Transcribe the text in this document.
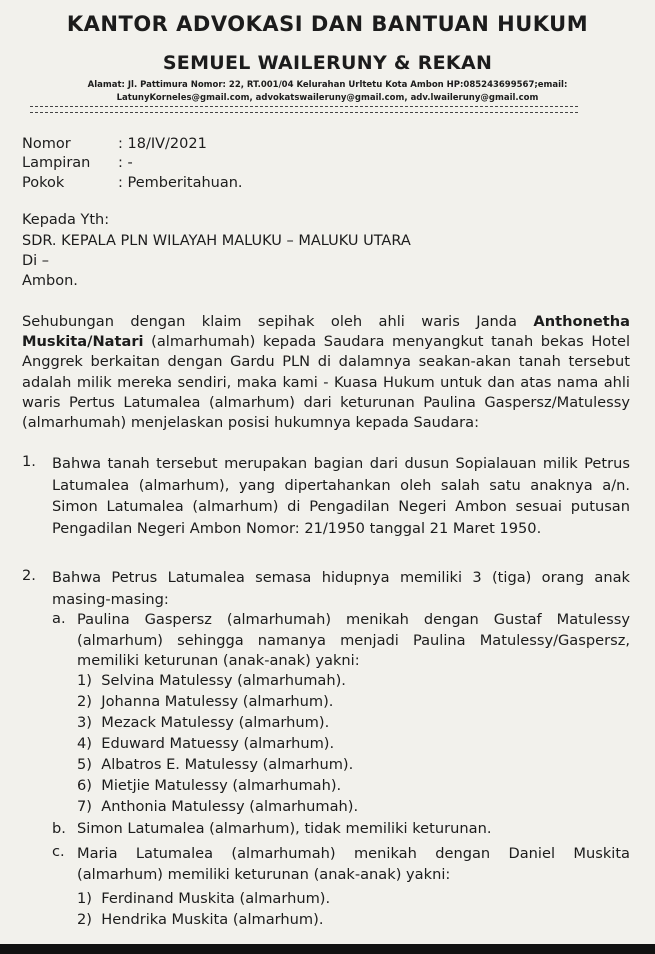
KANTOR ADVOKASI DAN BANTUAN HUKUM
SEMUEL WAILERUNY & REKAN
Alamat: Jl. Pattimura Nomor: 22, RT.001/04 Kelurahan Urltetu Kota Ambon HP:085243699567;email:
LatunyKorneles@gmail.com, advokatswaileruny@gmail.com, adv.lwaileruny@gmail.com
Nomor	: 18/IV/2021
Lampiran : -
Pokok	: Pemberitahuan.
Kepada Yth:
SDR. KEPALA PLN WILAYAH MALUKU – MALUKU UTARA
Di –
Ambon.
Sehubungan dengan klaim sepihak oleh ahli waris Janda Anthonetha Muskita/Natari (almarhumah) kepada Saudara menyangkut tanah bekas Hotel Anggrek berkaitan dengan Gardu PLN di dalamnya seakan-akan tanah tersebut adalah milik mereka sendiri, maka kami - Kuasa Hukum untuk dan atas nama ahli waris Pertus Latumalea (almarhum) dari keturunan Paulina Gaspersz/Matulessy (almarhumah) menjelaskan posisi hukumnya kepada Saudara:
1. Bahwa tanah tersebut merupakan bagian dari dusun Sopialauan milik Petrus Latumalea (almarhum), yang dipertahankan oleh salah satu anaknya a/n. Simon Latumalea (almarhum) di Pengadilan Negeri Ambon sesuai putusan Pengadilan Negeri Ambon Nomor: 21/1950 tanggal 21 Maret 1950.
2. Bahwa Petrus Latumalea semasa hidupnya memiliki 3 (tiga) orang anak masing-masing:
a. Paulina Gaspersz (almarhumah) menikah dengan Gustaf Matulessy (almarhum) sehingga namanya menjadi Paulina Matulessy/Gaspersz, memiliki keturunan (anak-anak) yakni:
1) Selvina Matulessy (almarhumah).
2) Johanna Matulessy (almarhum).
3) Mezack Matulessy (almarhum).
4) Eduward Matuessy (almarhum).
5) Albatros E. Matulessy (almarhum).
6) Mietjie Matulessy (almarhumah).
7) Anthonia Matulessy (almarhumah).
b. Simon Latumalea (almarhum), tidak memiliki keturunan.
c. Maria Latumalea (almarhumah) menikah dengan Daniel Muskita (almarhum) memiliki keturunan (anak-anak) yakni:
1) Ferdinand Muskita (almarhum).
2) Hendrika Muskita (almarhum).
